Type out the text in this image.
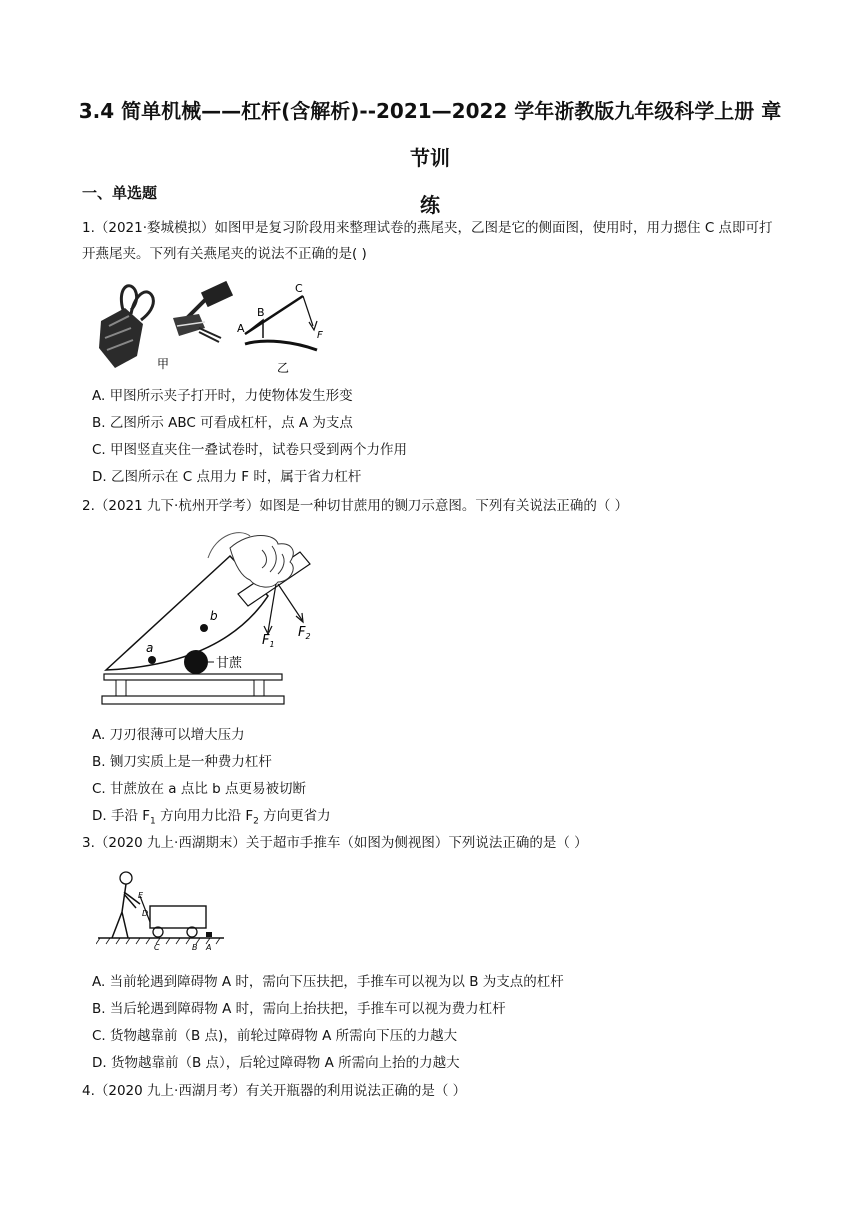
3.4 简单机械——杠杆(含解析)--2021—2022 学年浙教版九年级科学上册 章节训
练
一、单选题
1.（2021·婺城模拟）如图甲是复习阶段用来整理试卷的燕尾夹，乙图是它的侧面图，使用时，用力摁住 C 点即可打开燕尾夹。下列有关燕尾夹的说法不正确的是( )
甲
A
B
C
F
乙
A. 甲图所示夹子打开时，力使物体发生形变
B. 乙图所示 ABC 可看成杠杆，点 A 为支点
C. 甲图竖直夹住一叠试卷时，试卷只受到两个力作用
D. 乙图所示在 C 点用力 F 时，属于省力杠杆
2.（2021 九下·杭州开学考）如图是一种切甘蔗用的铡刀示意图。下列有关说法正确的（ ）
$F_1$
$F_2$
b
a
甘蔗
A. 刀刃很薄可以增大压力
B. 铡刀实质上是一种费力杠杆
C. 甘蔗放在 a 点比 b 点更易被切断
D. 手沿 $F_1$ 方向用力比沿 $F_2$ 方向更省力
3.（2020 九上·西湖期末）关于超市手推车（如图为侧视图）下列说法正确的是（ ）
E
D
C	B A
A. 当前轮遇到障碍物 A 时，需向下压扶把，手推车可以视为以 B 为支点的杠杆
B. 当后轮遇到障碍物 A 时，需向上抬扶把，手推车可以视为费力杠杆
C. 货物越靠前（B 点)，前轮过障碍物 A 所需向下压的力越大
D. 货物越靠前（B 点），后轮过障碍物 A 所需向上抬的力越大
4.（2020 九上·西湖月考）有关开瓶器的利用说法正确的是（ ）
